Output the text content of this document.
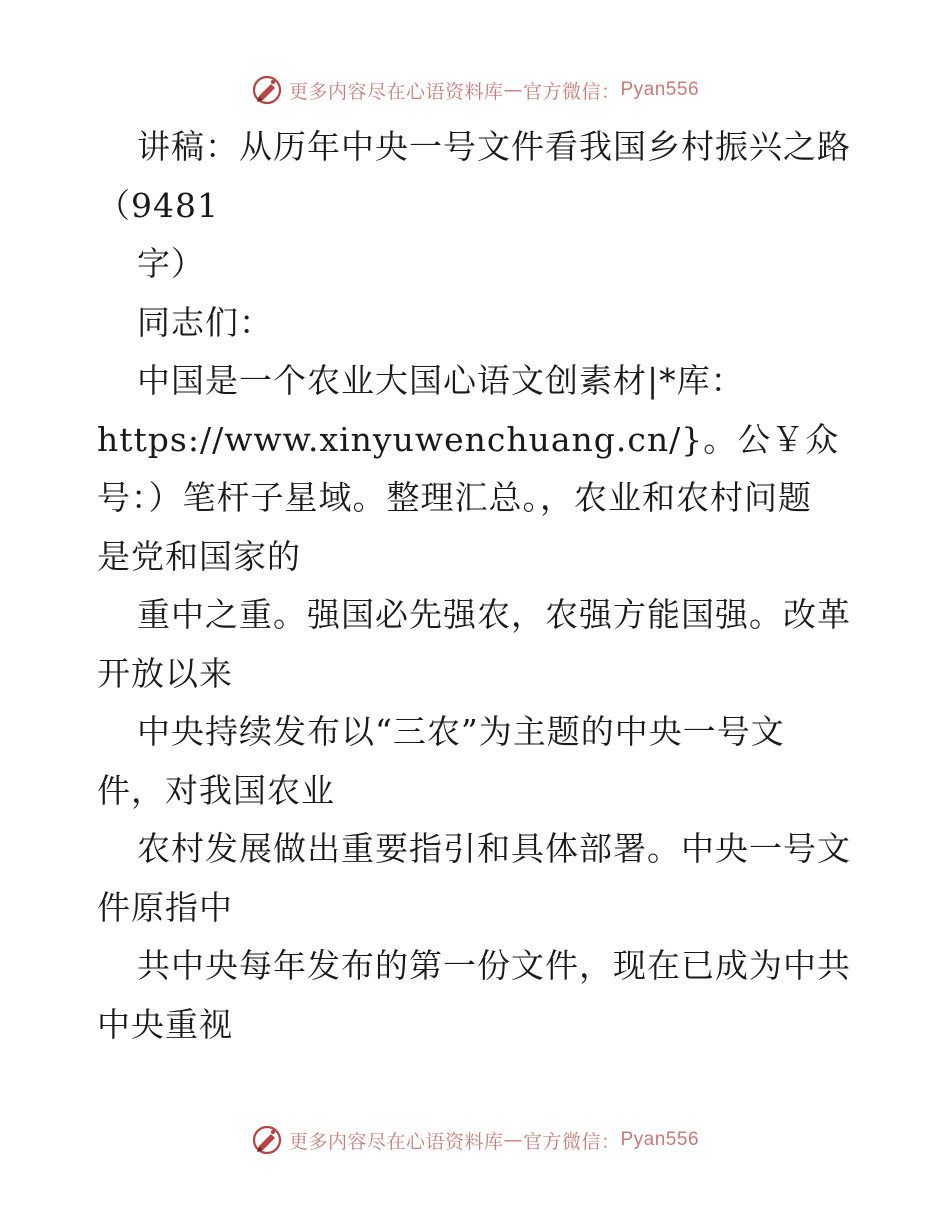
更多内容尽在心语资料库 — 官方微信： Pyan556
讲稿：从历年中央一号文件看我国乡村振兴之路
（9481
字）
同志们：
中国是一个农业大国心语文创素材|*库：
https://www.xinyuwenchuang.cn/}。公￥众
号：）笔杆子星域。整理汇总。，农业和农村问题
是党和国家的
重中之重。强国必先强农，农强方能国强。改革
开放以来
中央持续发布以“三农”为主题的中央一号文
件，对我国农业
农村发展做出重要指引和具体部署。中央一号文
件原指中
共中央每年发布的第一份文件，现在已成为中共
中央重视
更多内容尽在心语资料库 — 官方微信： Pyan556
